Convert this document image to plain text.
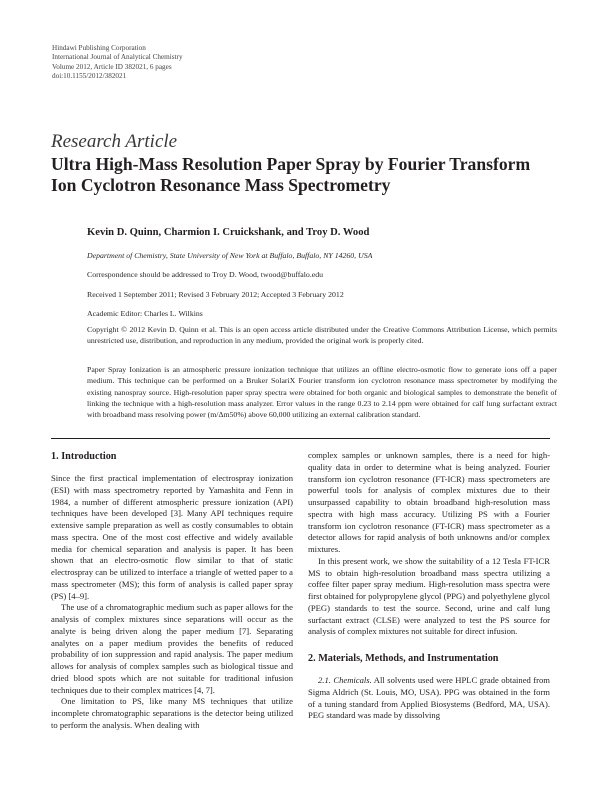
Hindawi Publishing Corporation
International Journal of Analytical Chemistry
Volume 2012, Article ID 382021, 6 pages
doi:10.1155/2012/382021
Research Article
Ultra High-Mass Resolution Paper Spray by Fourier Transform
Ion Cyclotron Resonance Mass Spectrometry
Kevin D. Quinn, Charmion I. Cruickshank, and Troy D. Wood
Department of Chemistry, State University of New York at Buffalo, Buffalo, NY 14260, USA
Correspondence should be addressed to Troy D. Wood, twood@buffalo.edu
Received 1 September 2011; Revised 3 February 2012; Accepted 3 February 2012
Academic Editor: Charles L. Wilkins
Copyright © 2012 Kevin D. Quinn et al. This is an open access article distributed under the Creative Commons Attribution License, which permits unrestricted use, distribution, and reproduction in any medium, provided the original work is properly cited.
Paper Spray Ionization is an atmospheric pressure ionization technique that utilizes an offline electro-osmotic flow to generate ions off a paper medium. This technique can be performed on a Bruker SolariX Fourier transform ion cyclotron resonance mass spectrometer by modifying the existing nanospray source. High-resolution paper spray spectra were obtained for both organic and biological samples to demonstrate the benefit of linking the technique with a high-resolution mass analyzer. Error values in the range 0.23 to 2.14 ppm were obtained for calf lung surfactant extract with broadband mass resolving power (m/Δm50%) above 60,000 utilizing an external calibration standard.
1. Introduction

Since the first practical implementation of electrospray ionization (ESI) with mass spectrometry reported by Yamashita and Fenn in 1984, a number of different atmospheric pressure ionization (API) techniques have been developed [3]. Many API techniques require extensive sample preparation as well as costly consumables to obtain mass spectra. One of the most cost effective and widely available media for chemical separation and analysis is paper. It has been shown that an electro-osmotic flow similar to that of static electrospray can be utilized to interface a triangle of wetted paper to a mass spectrometer (MS); this form of analysis is called paper spray (PS) [4–9].

The use of a chromatographic medium such as paper allows for the analysis of complex mixtures since separations will occur as the analyte is being driven along the paper medium [7]. Separating analytes on a paper medium provides the benefits of reduced probability of ion suppression and rapid analysis. The paper medium allows for analysis of complex samples such as biological tissue and dried blood spots which are not suitable for traditional infusion techniques due to their complex matrices [4, 7].

One limitation to PS, like many MS techniques that utilize incomplete chromatographic separations is the detector being utilized to perform the analysis. When dealing with

complex samples or unknown samples, there is a need for high-quality data in order to determine what is being analyzed. Fourier transform ion cyclotron resonance (FT-ICR) mass spectrometers are powerful tools for analysis of complex mixtures due to their unsurpassed capability to obtain broadband high-resolution mass spectra with high mass accuracy. Utilizing PS with a Fourier transform ion cyclotron resonance (FT-ICR) mass spectrometer as a detector allows for rapid analysis of both unknowns and/or complex mixtures.

In this present work, we show the suitability of a 12 Tesla FT-ICR MS to obtain high-resolution broadband mass spectra utilizing a coffee filter paper spray medium. High-resolution mass spectra were first obtained for polypropylene glycol (PPG) and polyethylene glycol (PEG) standards to test the source. Second, urine and calf lung surfactant extract (CLSE) were analyzed to test the PS source for analysis of complex mixtures not suitable for direct infusion.

2. Materials, Methods, and Instrumentation

2.1. Chemicals. All solvents used were HPLC grade obtained from Sigma Aldrich (St. Louis, MO, USA). PPG was obtained in the form of a tuning standard from Applied Biosystems (Bedford, MA, USA). PEG standard was made by dissolving
